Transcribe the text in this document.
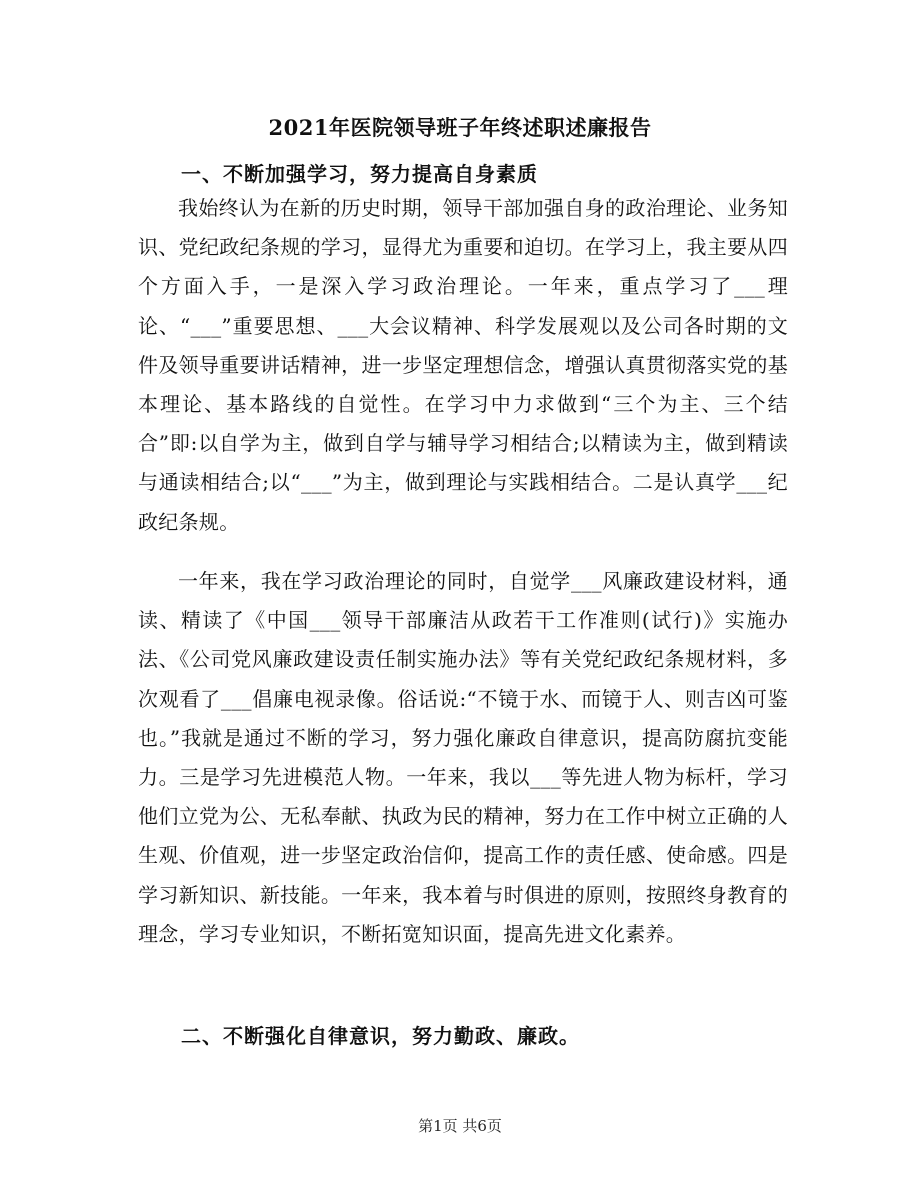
2021年医院领导班子年终述职述廉报告
一、不断加强学习，努力提高自身素质

我始终认为在新的历史时期，领导干部加强自身的政治理论、业务知识、党纪政纪条规的学习，显得尤为重要和迫切。在学习上，我主要从四个方面入手，一是深入学习政治理论。一年来，重点学习了___理论、“___”重要思想、___大会议精神、科学发展观以及公司各时期的文件及领导重要讲话精神，进一步坚定理想信念，增强认真贯彻落实党的基本理论、基本路线的自觉性。在学习中力求做到“三个为主、三个结合”即:以自学为主，做到自学与辅导学习相结合;以精读为主，做到精读与通读相结合;以“___”为主，做到理论与实践相结合。二是认真学___纪政纪条规。

一年来，我在学习政治理论的同时，自觉学___风廉政建设材料，通读、精读了《中国___领导干部廉洁从政若干工作准则(试行)》实施办法、《公司党风廉政建设责任制实施办法》等有关党纪政纪条规材料，多次观看了___倡廉电视录像。俗话说:“不镜于水、而镜于人、则吉凶可鉴也。”我就是通过不断的学习，努力强化廉政自律意识，提高防腐抗变能力。三是学习先进模范人物。一年来，我以___等先进人物为标杆，学习他们立党为公、无私奉献、执政为民的精神，努力在工作中树立正确的人生观、价值观，进一步坚定政治信仰，提高工作的责任感、使命感。四是学习新知识、新技能。一年来，我本着与时俱进的原则，按照终身教育的理念，学习专业知识，不断拓宽知识面，提高先进文化素养。

二、不断强化自律意识，努力勤政、廉政。
第1页 共6页
